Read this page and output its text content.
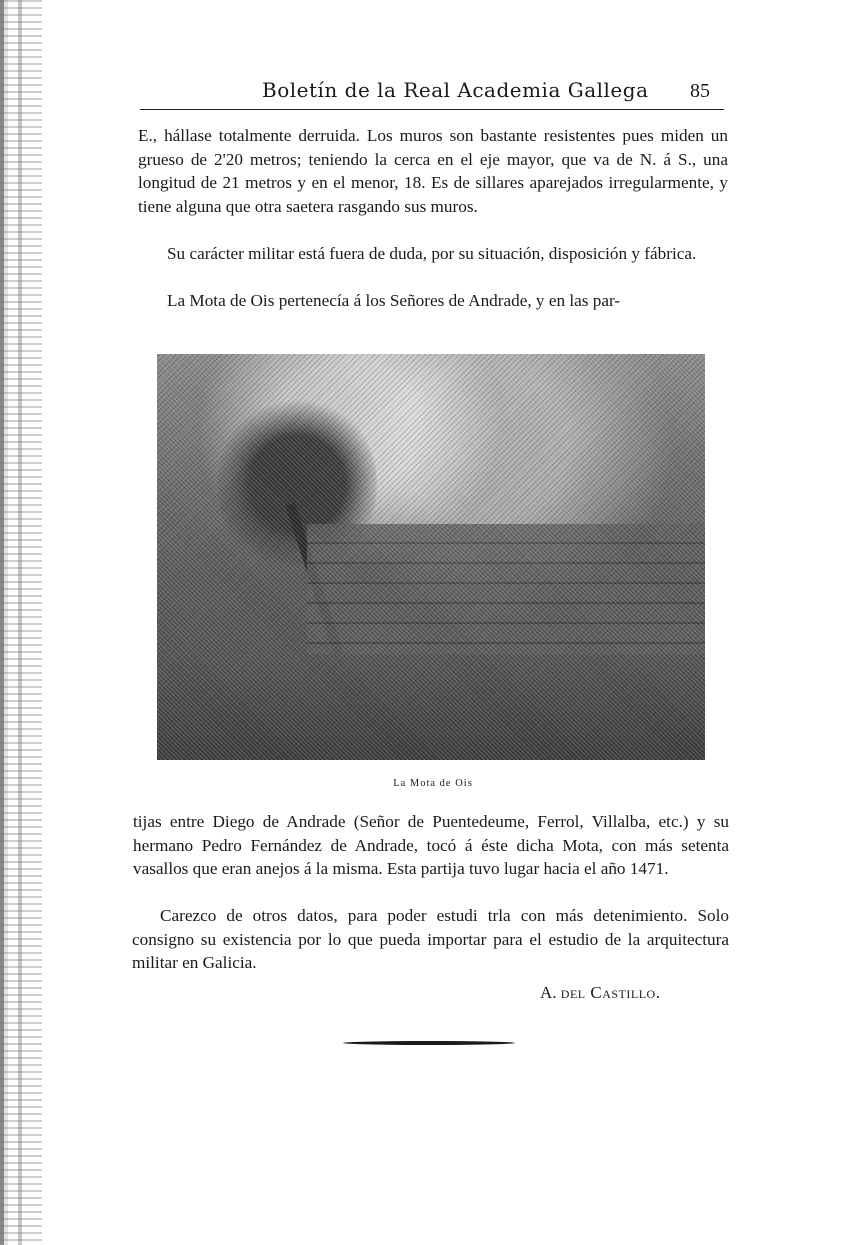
Boletín de la Real Academia Gallega 85

E., hállase totalmente derruida. Los muros son bastante resistentes pues miden un grueso de 2'20 metros; teniendo la cerca en el eje mayor, que va de N. á S., una longitud de 21 metros y en el menor, 18. Es de sillares aparejados irregularmente, y tiene alguna que otra saetera rasgando sus muros.

Su carácter militar está fuera de duda, por su situación, disposición y fábrica.

La Mota de Ois pertenecía á los Señores de Andrade, y en las par-

La Mota de Ois

tijas entre Diego de Andrade (Señor de Puentedeume, Ferrol, Villalba, etc.) y su hermano Pedro Fernández de Andrade, tocó á éste dicha Mota, con más setenta vasallos que eran anejos á la misma. Esta partija tuvo lugar hacia el año 1471.

Carezco de otros datos, para poder estudi trla con más detenimiento. Solo consigno su existencia por lo que pueda importar para el estudio de la arquitectura militar en Galicia.

A. del Castillo.
